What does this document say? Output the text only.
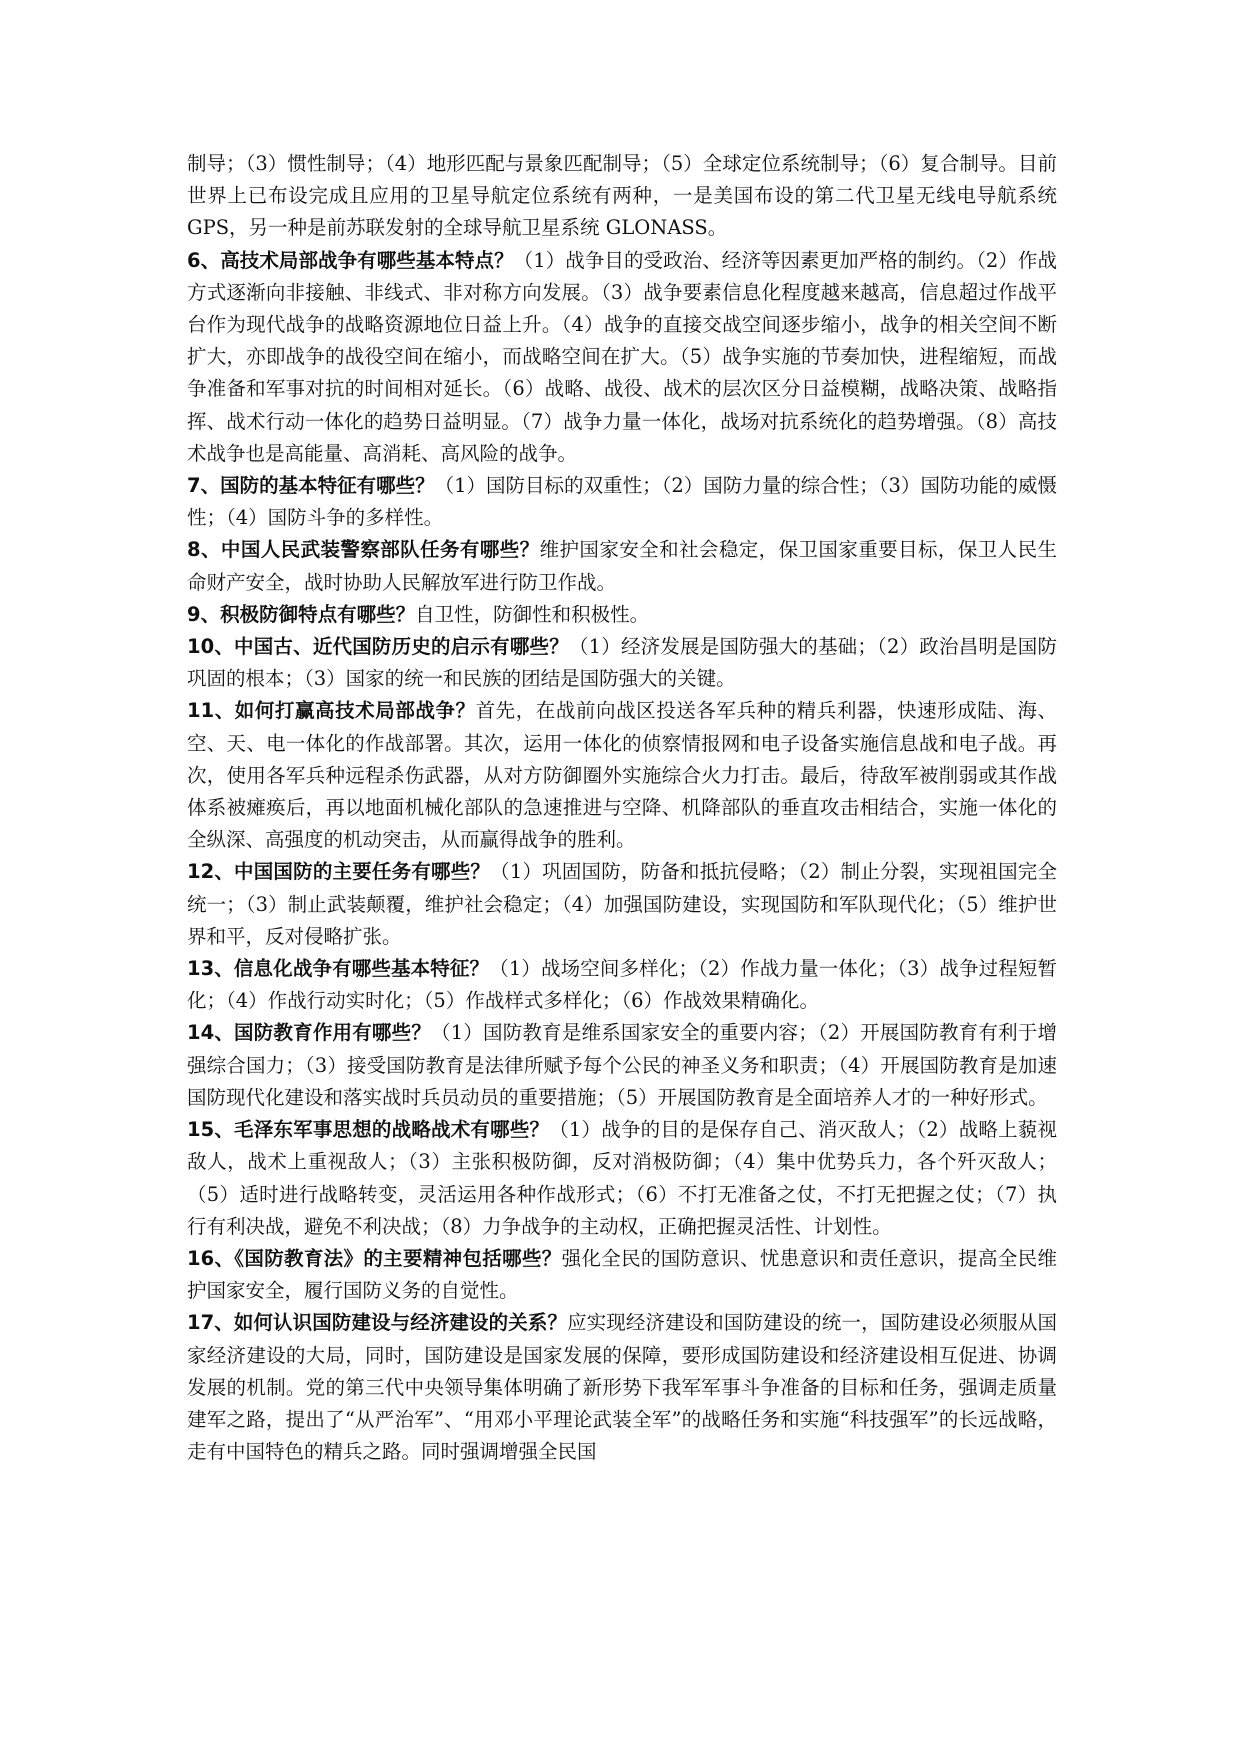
制导；（3）惯性制导；（4）地形匹配与景象匹配制导；（5）全球定位系统制导；（6）复合制导。目前世界上已布设完成且应用的卫星导航定位系统有两种，一是美国布设的第二代卫星无线电导航系统 GPS，另一种是前苏联发射的全球导航卫星系统 GLONASS。

6、高技术局部战争有哪些基本特点？（1）战争目的受政治、经济等因素更加严格的制约。（2）作战方式逐渐向非接触、非线式、非对称方向发展。（3）战争要素信息化程度越来越高，信息超过作战平台作为现代战争的战略资源地位日益上升。（4）战争的直接交战空间逐步缩小，战争的相关空间不断扩大，亦即战争的战役空间在缩小，而战略空间在扩大。（5）战争实施的节奏加快，进程缩短，而战争准备和军事对抗的时间相对延长。（6）战略、战役、战术的层次区分日益模糊，战略决策、战略指挥、战术行动一体化的趋势日益明显。（7）战争力量一体化，战场对抗系统化的趋势增强。（8）高技术战争也是高能量、高消耗、高风险的战争。

7、国防的基本特征有哪些？（1）国防目标的双重性；（2）国防力量的综合性；（3）国防功能的威慑性；（4）国防斗争的多样性。

8、中国人民武装警察部队任务有哪些？维护国家安全和社会稳定，保卫国家重要目标，保卫人民生命财产安全，战时协助人民解放军进行防卫作战。

9、积极防御特点有哪些？自卫性，防御性和积极性。

10、中国古、近代国防历史的启示有哪些？（1）经济发展是国防强大的基础；（2）政治昌明是国防巩固的根本；（3）国家的统一和民族的团结是国防强大的关键。

11、如何打赢高技术局部战争？首先，在战前向战区投送各军兵种的精兵利器，快速形成陆、海、空、天、电一体化的作战部署。其次，运用一体化的侦察情报网和电子设备实施信息战和电子战。再次，使用各军兵种远程杀伤武器，从对方防御圈外实施综合火力打击。最后，待敌军被削弱或其作战体系被瘫痪后，再以地面机械化部队的急速推进与空降、机降部队的垂直攻击相结合，实施一体化的全纵深、高强度的机动突击，从而赢得战争的胜利。

12、中国国防的主要任务有哪些？（1）巩固国防，防备和抵抗侵略；（2）制止分裂，实现祖国完全统一；（3）制止武装颠覆，维护社会稳定；（4）加强国防建设，实现国防和军队现代化；（5）维护世界和平，反对侵略扩张。

13、信息化战争有哪些基本特征？（1）战场空间多样化；（2）作战力量一体化；（3）战争过程短暂化；（4）作战行动实时化；（5）作战样式多样化；（6）作战效果精确化。

14、国防教育作用有哪些？（1）国防教育是维系国家安全的重要内容；（2）开展国防教育有利于增强综合国力；（3）接受国防教育是法律所赋予每个公民的神圣义务和职责；（4）开展国防教育是加速国防现代化建设和落实战时兵员动员的重要措施；（5）开展国防教育是全面培养人才的一种好形式。

15、毛泽东军事思想的战略战术有哪些？（1）战争的目的是保存自己、消灭敌人；（2）战略上藐视敌人，战术上重视敌人；（3）主张积极防御，反对消极防御；（4）集中优势兵力，各个歼灭敌人；（5）适时进行战略转变，灵活运用各种作战形式；（6）不打无准备之仗，不打无把握之仗；（7）执行有利决战，避免不利决战；（8）力争战争的主动权，正确把握灵活性、计划性。

16、《国防教育法》的主要精神包括哪些？强化全民的国防意识、忧患意识和责任意识，提高全民维护国家安全，履行国防义务的自觉性。

17、如何认识国防建设与经济建设的关系？应实现经济建设和国防建设的统一，国防建设必须服从国家经济建设的大局，同时，国防建设是国家发展的保障，要形成国防建设和经济建设相互促进、协调发展的机制。党的第三代中央领导集体明确了新形势下我军军事斗争准备的目标和任务，强调走质量建军之路，提出了“从严治军”、“用邓小平理论武装全军”的战略任务和实施“科技强军”的长远战略，走有中国特色的精兵之路。同时强调增强全民国
